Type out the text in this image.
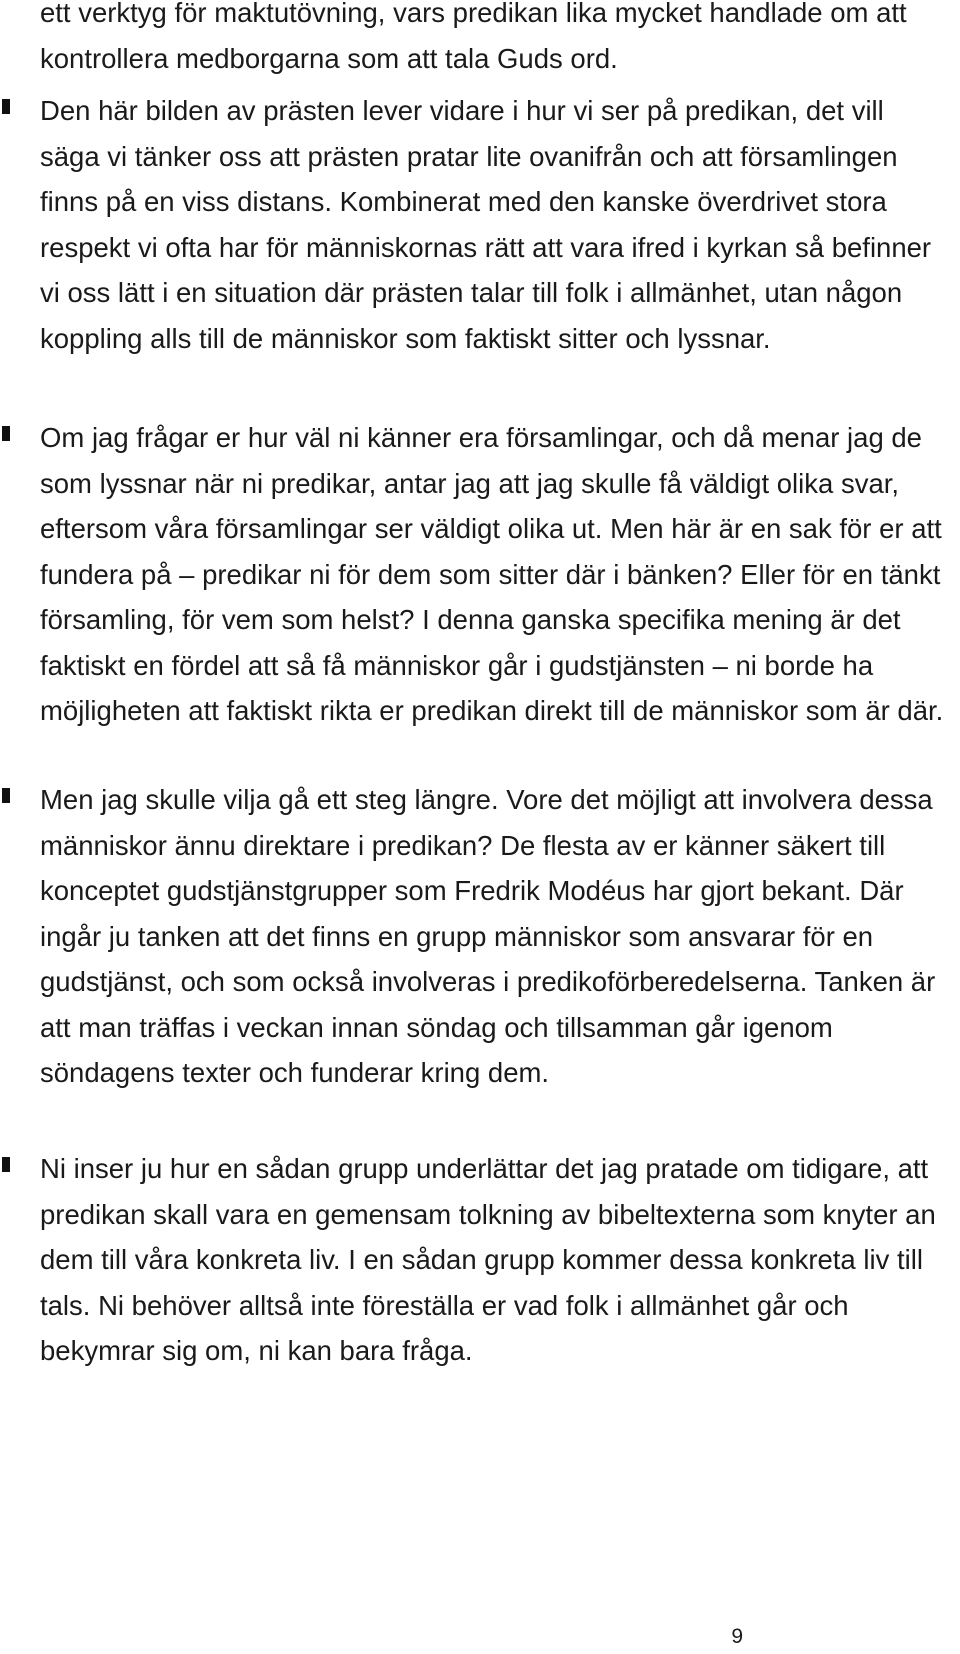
ett verktyg för maktutövning, vars predikan lika mycket handlade om att kontrollera medborgarna som att tala Guds ord.

Den här bilden av prästen lever vidare i hur vi ser på predikan, det vill säga vi tänker oss att prästen pratar lite ovanifrån och att församlingen finns på en viss distans. Kombinerat med den kanske överdrivet stora respekt vi ofta har för människornas rätt att vara ifred i kyrkan så befinner vi oss lätt i en situation där prästen talar till folk i allmänhet, utan någon koppling alls till de människor som faktiskt sitter och lyssnar.

Om jag frågar er hur väl ni känner era församlingar, och då menar jag de som lyssnar när ni predikar, antar jag att jag skulle få väldigt olika svar, eftersom våra församlingar ser väldigt olika ut. Men här är en sak för er att fundera på – predikar ni för dem som sitter där i bänken? Eller för en tänkt församling, för vem som helst? I denna ganska specifika mening är det faktiskt en fördel att så få människor går i gudstjänsten – ni borde ha möjligheten att faktiskt rikta er predikan direkt till de människor som är där.

Men jag skulle vilja gå ett steg längre. Vore det möjligt att involvera dessa människor ännu direktare i predikan? De flesta av er känner säkert till konceptet gudstjänstgrupper som Fredrik Modéus har gjort bekant. Där ingår ju tanken att det finns en grupp människor som ansvarar för en gudstjänst, och som också involveras i predikoförberedelserna. Tanken är att man träffas i veckan innan söndag och tillsamman går igenom söndagens texter och funderar kring dem.

Ni inser ju hur en sådan grupp underlättar det jag pratade om tidigare, att predikan skall vara en gemensam tolkning av bibeltexterna som knyter an dem till våra konkreta liv. I en sådan grupp kommer dessa konkreta liv till tals. Ni behöver alltså inte föreställa er vad folk i allmänhet går och bekymrar sig om, ni kan bara fråga.

9
